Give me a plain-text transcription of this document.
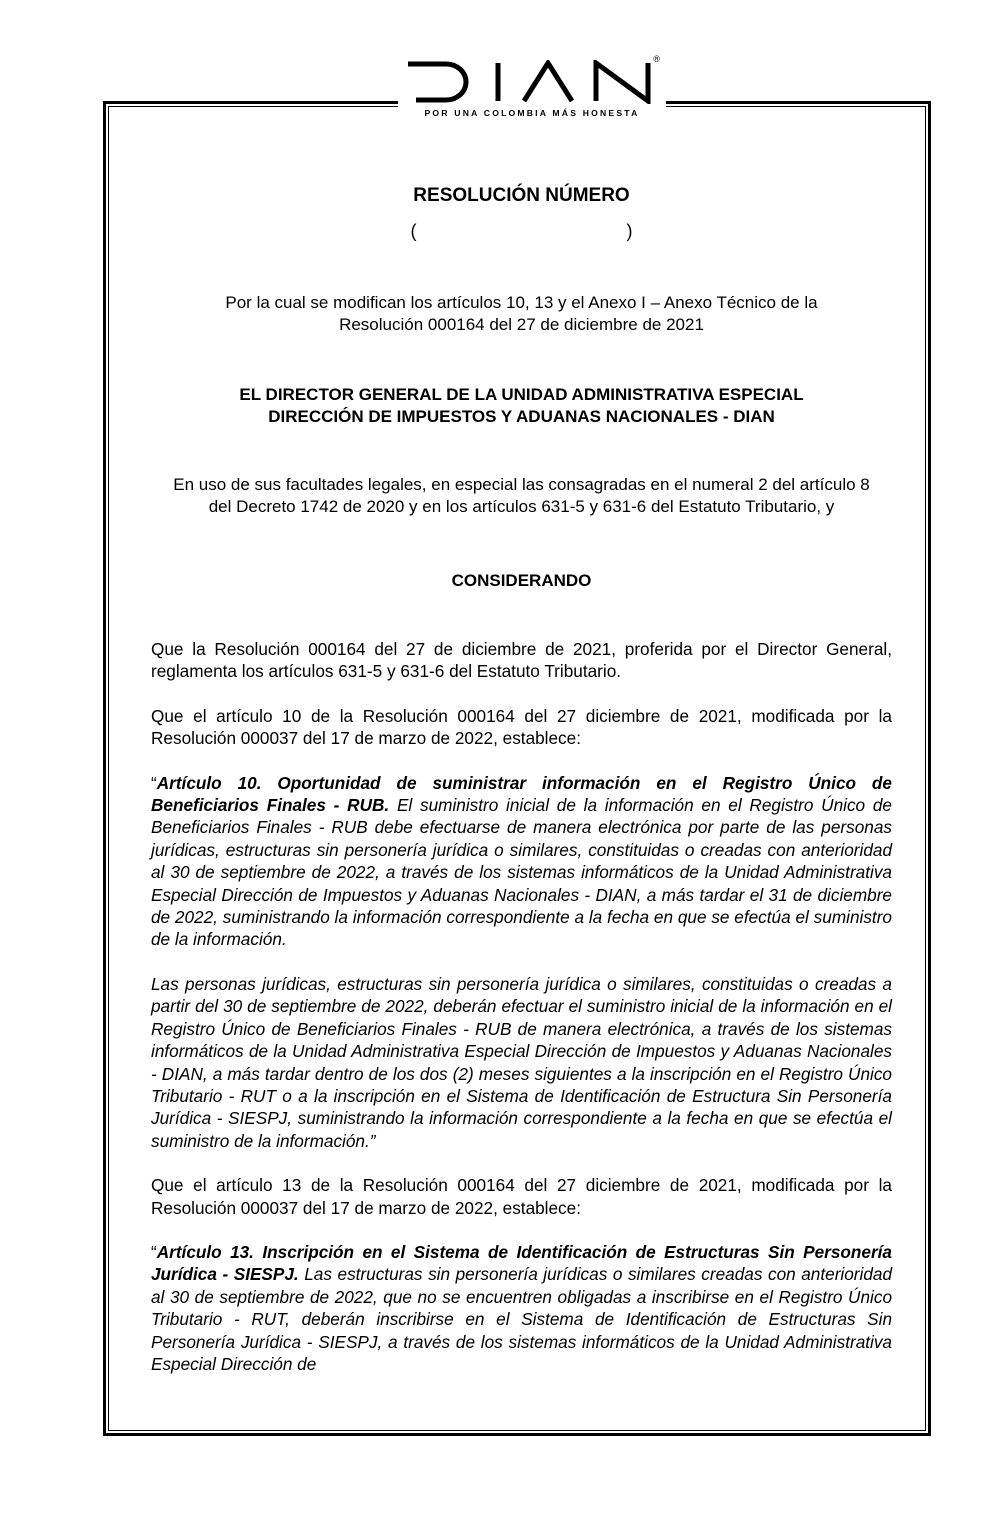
®
POR UNA COLOMBIA MÁS HONESTA
RESOLUCIÓN NÚMERO
(	)
Por la cual se modifican los artículos 10, 13 y el Anexo I – Anexo Técnico de la
Resolución 000164 del 27 de diciembre de 2021
EL DIRECTOR GENERAL DE LA UNIDAD ADMINISTRATIVA ESPECIAL
DIRECCIÓN DE IMPUESTOS Y ADUANAS NACIONALES - DIAN
En uso de sus facultades legales, en especial las consagradas en el numeral 2 del artículo 8 del Decreto 1742 de 2020 y en los artículos 631-5 y 631-6 del Estatuto Tributario, y
CONSIDERANDO

Que la Resolución 000164 del 27 de diciembre de 2021, proferida por el Director General, reglamenta los artículos 631-5 y 631-6 del Estatuto Tributario.

Que el artículo 10 de la Resolución 000164 del 27 diciembre de 2021, modificada por la Resolución 000037 del 17 de marzo de 2022, establece:

“Artículo 10. Oportunidad de suministrar información en el Registro Único de Beneficiarios Finales - RUB. El suministro inicial de la información en el Registro Único de Beneficiarios Finales - RUB debe efectuarse de manera electrónica por parte de las personas jurídicas, estructuras sin personería jurídica o similares, constituidas o creadas con anterioridad al 30 de septiembre de 2022, a través de los sistemas informáticos de la Unidad Administrativa Especial Dirección de Impuestos y Aduanas Nacionales - DIAN, a más tardar el 31 de diciembre de 2022, suministrando la información correspondiente a la fecha en que se efectúa el suministro de la información.

Las personas jurídicas, estructuras sin personería jurídica o similares, constituidas o creadas a partir del 30 de septiembre de 2022, deberán efectuar el suministro inicial de la información en el Registro Único de Beneficiarios Finales - RUB de manera electrónica, a través de los sistemas informáticos de la Unidad Administrativa Especial Dirección de Impuestos y Aduanas Nacionales - DIAN, a más tardar dentro de los dos (2) meses siguientes a la inscripción en el Registro Único Tributario - RUT o a la inscripción en el Sistema de Identificación de Estructura Sin Personería Jurídica - SIESPJ, suministrando la información correspondiente a la fecha en que se efectúa el suministro de la información.”

Que el artículo 13 de la Resolución 000164 del 27 diciembre de 2021, modificada por la Resolución 000037 del 17 de marzo de 2022, establece:

“Artículo 13. Inscripción en el Sistema de Identificación de Estructuras Sin Personería Jurídica - SIESPJ. Las estructuras sin personería jurídicas o similares creadas con anterioridad al 30 de septiembre de 2022, que no se encuentren obligadas a inscribirse en el Registro Único Tributario - RUT, deberán inscribirse en el Sistema de Identificación de Estructuras Sin Personería Jurídica - SIESPJ, a través de los sistemas informáticos de la Unidad Administrativa Especial Dirección de
